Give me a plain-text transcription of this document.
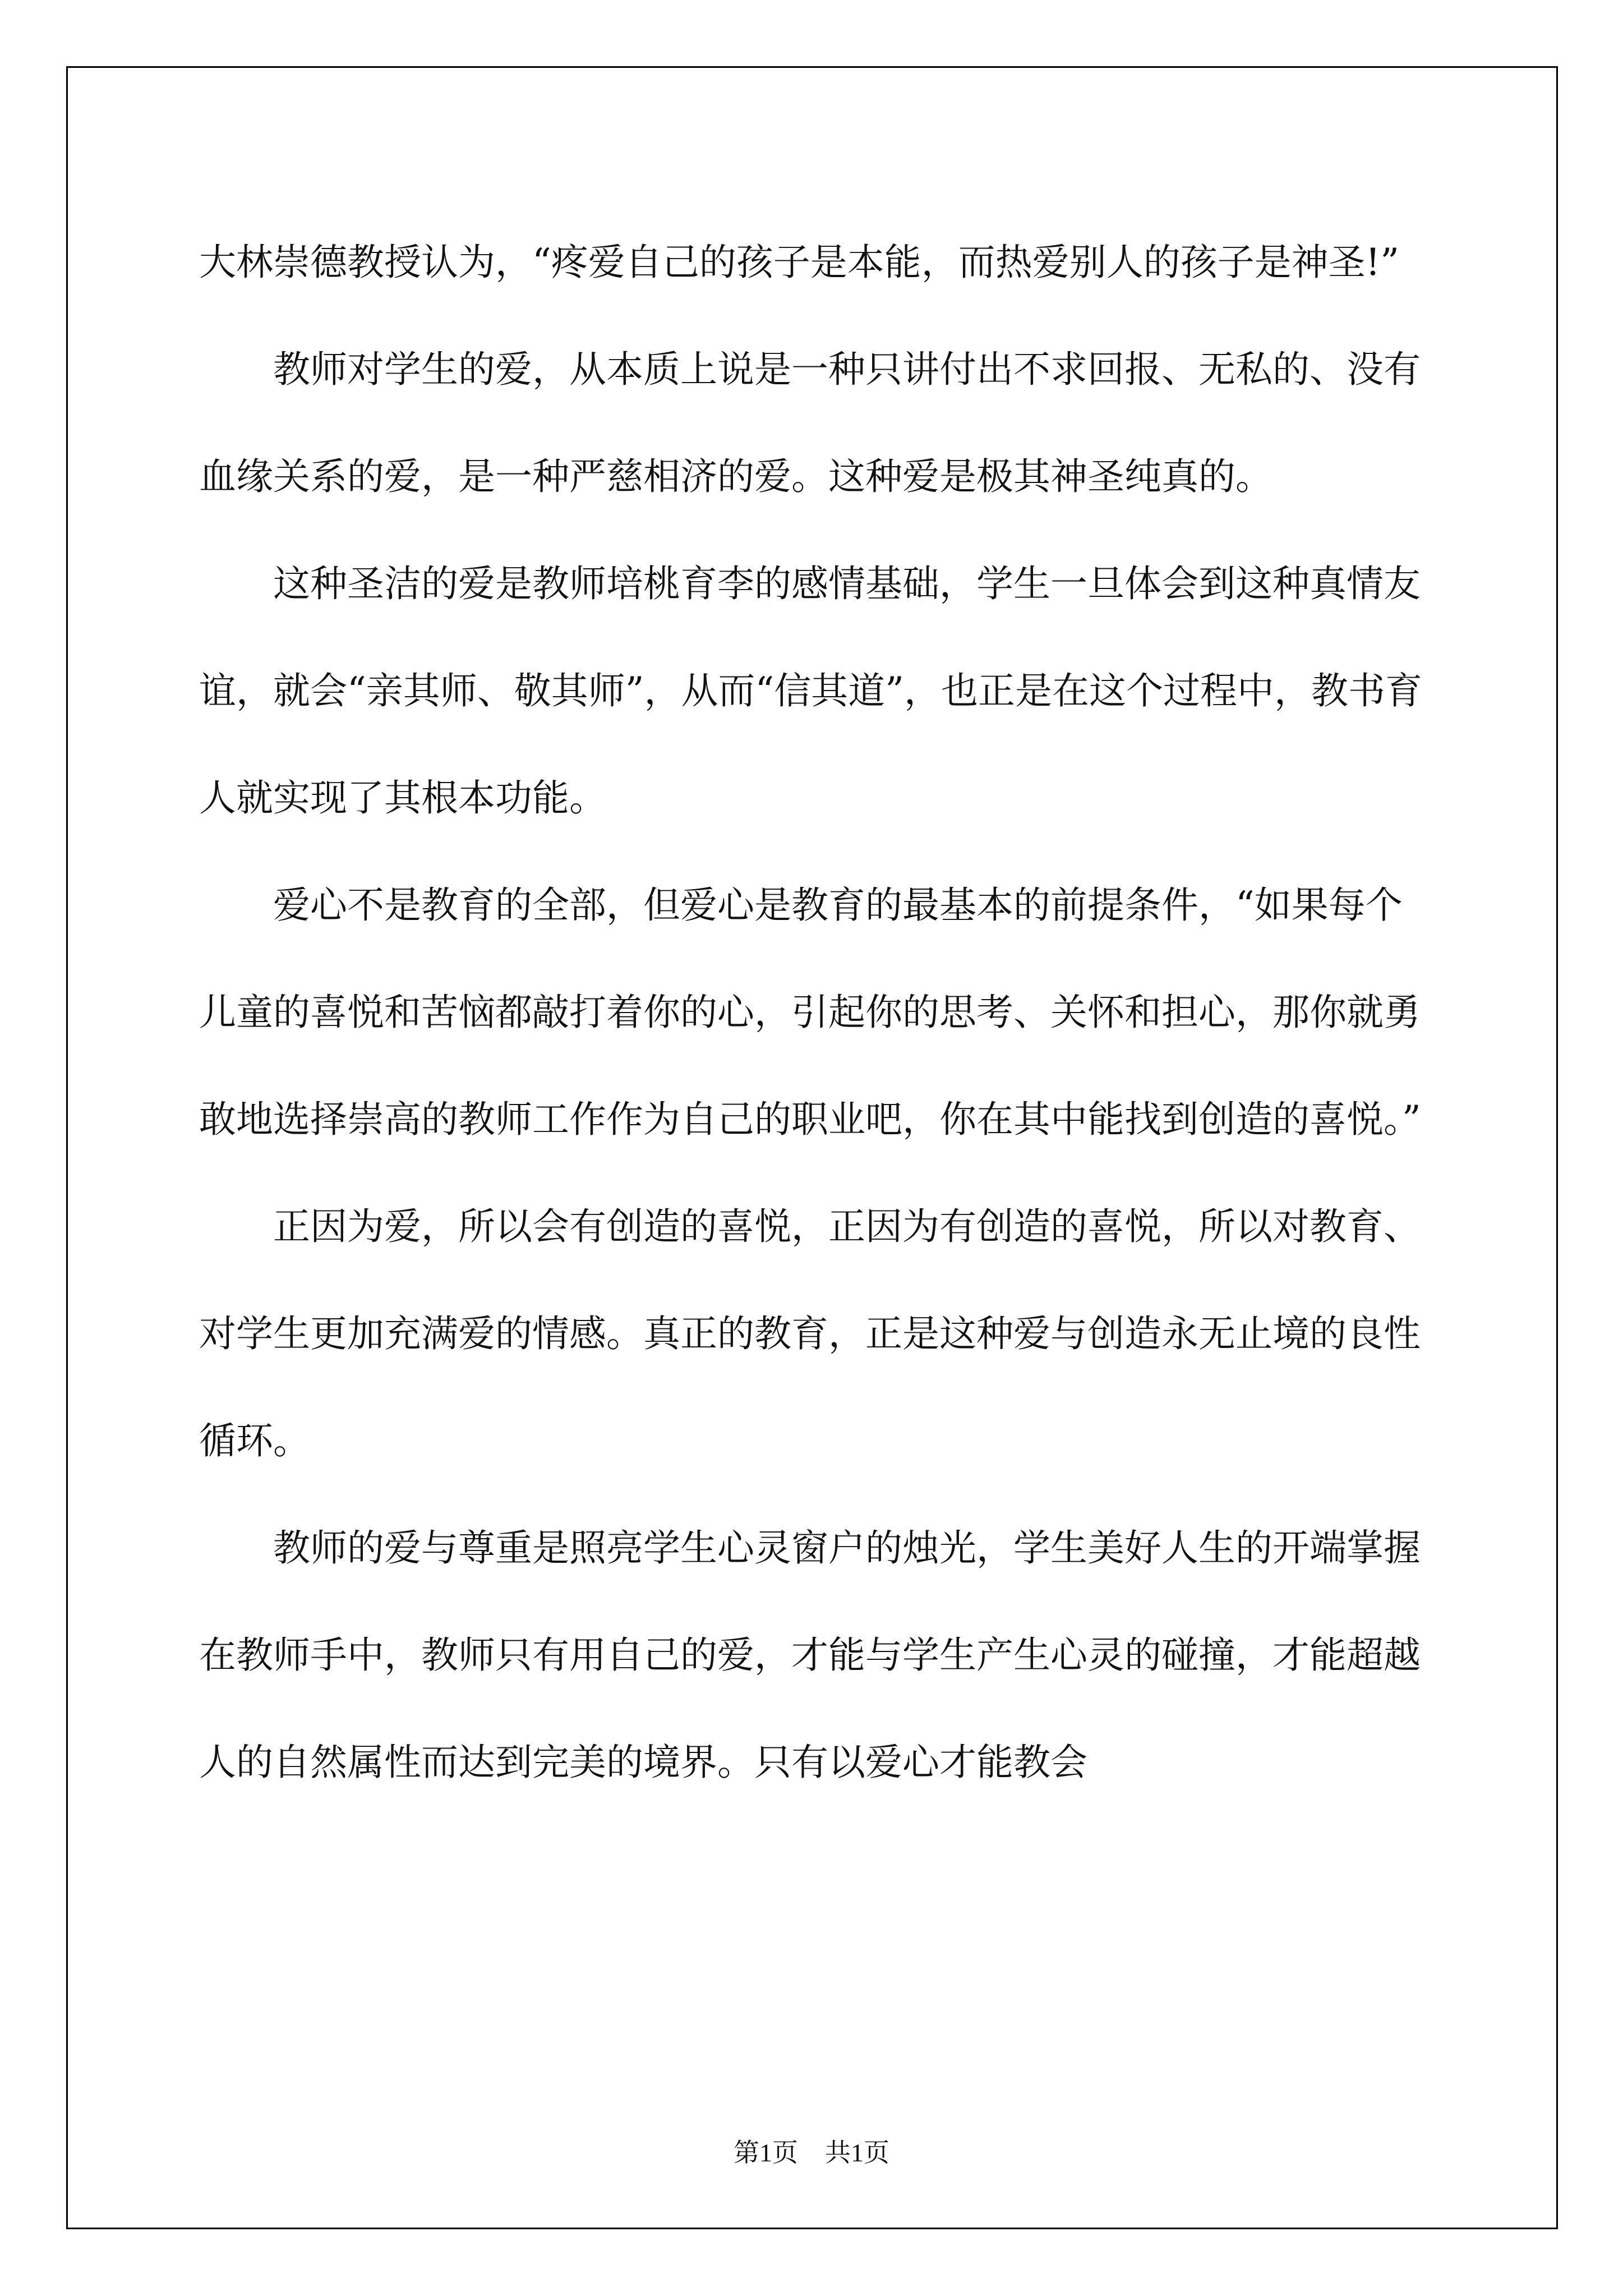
大林崇德教授认为，“疼爱自己的孩子是本能，而热爱别人的孩子是神圣!”

教师对学生的爱，从本质上说是一种只讲付出不求回报、无私的、没有血缘关系的爱，是一种严慈相济的爱。这种爱是极其神圣纯真的。

这种圣洁的爱是教师培桃育李的感情基础，学生一旦体会到这种真情友谊，就会“亲其师、敬其师”，从而“信其道”，也正是在这个过程中，教书育人就实现了其根本功能。

爱心不是教育的全部，但爱心是教育的最基本的前提条件，“如果每个儿童的喜悦和苦恼都敲打着你的心，引起你的思考、关怀和担心，那你就勇敢地选择崇高的教师工作作为自己的职业吧，你在其中能找到创造的喜悦。”

正因为爱，所以会有创造的喜悦，正因为有创造的喜悦，所以对教育、对学生更加充满爱的情感。真正的教育，正是这种爱与创造永无止境的良性循环。

教师的爱与尊重是照亮学生心灵窗户的烛光，学生美好人生的开端掌握在教师手中，教师只有用自己的爱，才能与学生产生心灵的碰撞，才能超越人的自然属性而达到完美的境界。只有以爱心才能教会

第1页 共1页
